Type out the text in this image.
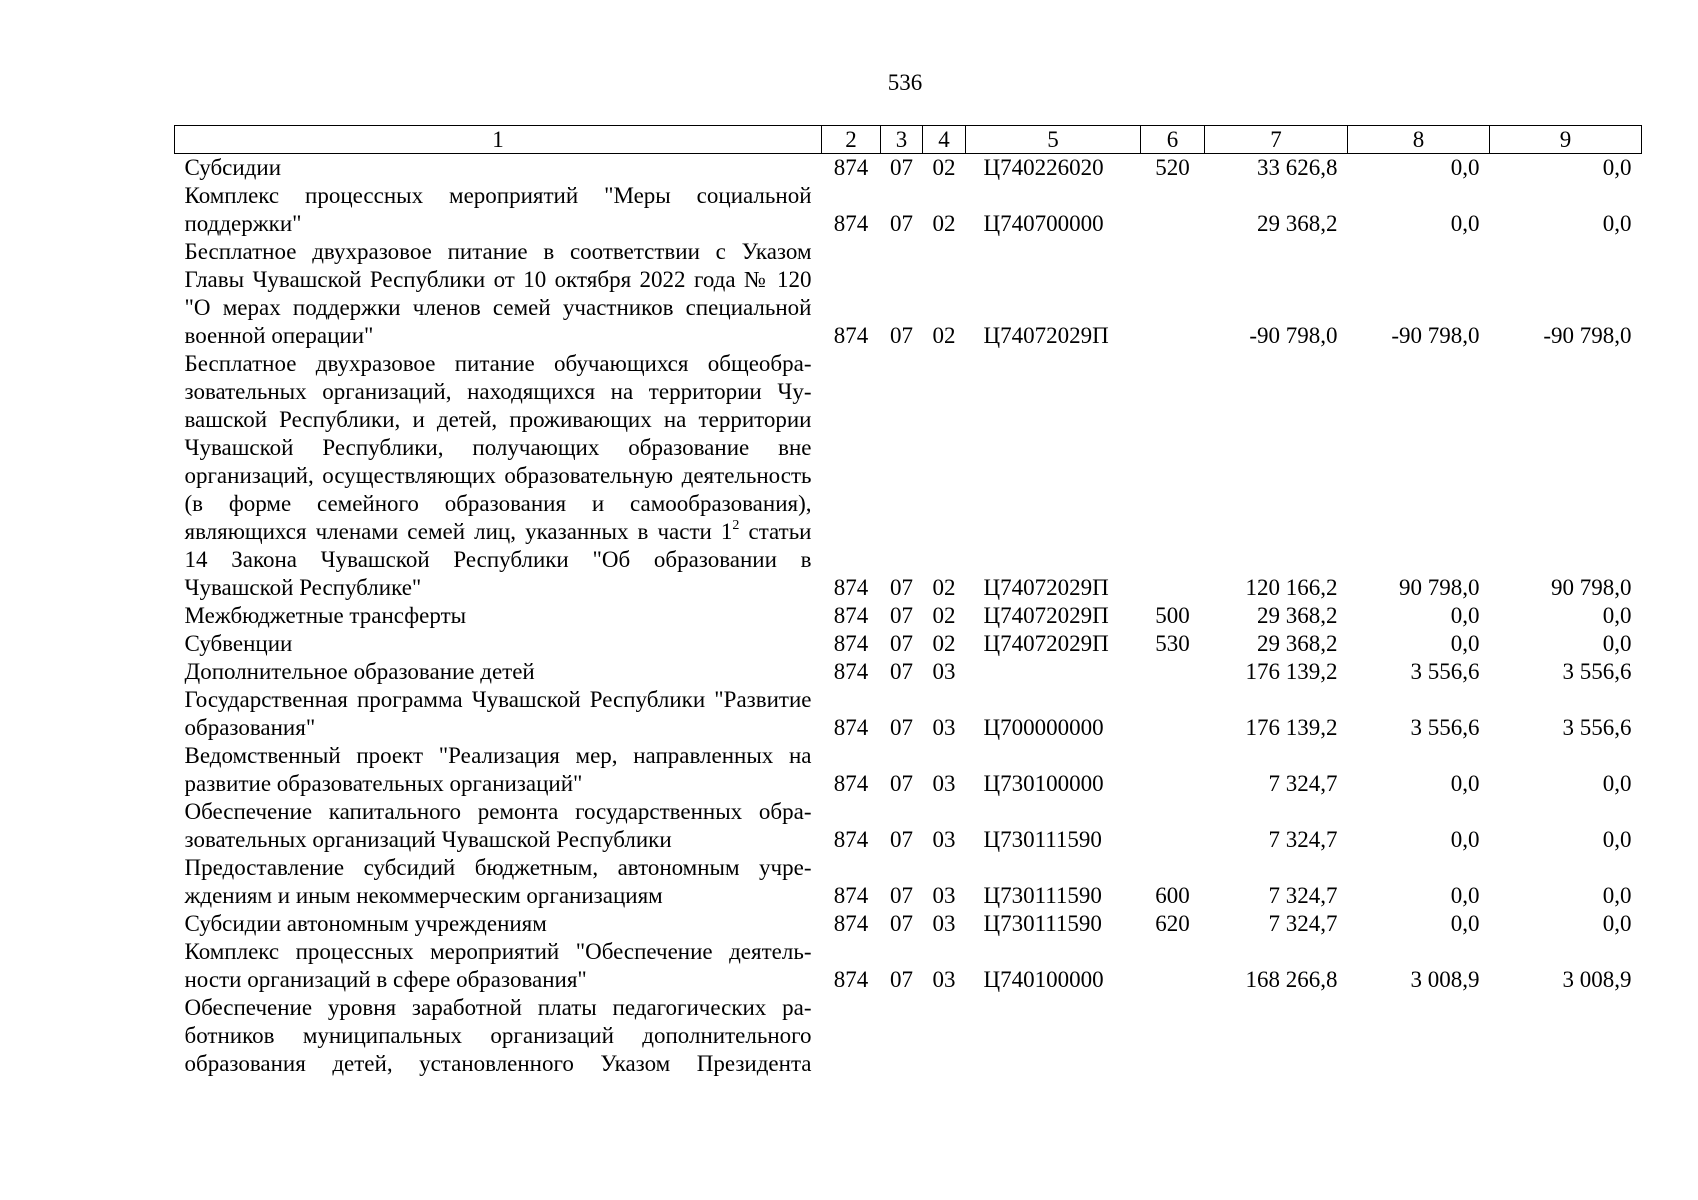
536
1	2	3	4	5	6	7	8	9
Субсидии	874	07	02	Ц740226020	520	33 626,8	0,0	0,0
Комплекс процессных мероприятий "Меры социальной поддержки"	874	07	02	Ц740700000		29 368,2	0,0	0,0
Бесплатное двухразовое питание в соответствии с Указом Главы Чувашской Республики от 10 октября 2022 года № 120 "О мерах поддержки членов семей участников специальной военной операции"	874	07	02	Ц74072029П		-90 798,0	-90 798,0	-90 798,0
Бесплатное двухразовое питание обучающихся общеобразовательных организаций, находящихся на территории Чувашской Республики, и детей, проживающих на территории Чувашской Республики, получающих образование вне организаций, осуществляющих образовательную деятельность (в форме семейного образования и самообразования), являющихся членами семей лиц, указанных в части $1^2$ статьи 14 Закона Чувашской Республики "Об образовании в Чувашской Республике"	874	07	02	Ц74072029П		120 166,2	90 798,0	90 798,0
Межбюджетные трансферты	874	07	02	Ц74072029П	500	29 368,2	0,0	0,0
Субвенции	874	07	02	Ц74072029П	530	29 368,2	0,0	0,0
Дополнительное образование детей	874	07	03			176 139,2	3 556,6	3 556,6
Государственная программа Чувашской Республики "Развитие образования"	874	07	03	Ц700000000		176 139,2	3 556,6	3 556,6
Ведомственный проект "Реализация мер, направленных на развитие образовательных организаций"	874	07	03	Ц730100000		7 324,7	0,0	0,0
Обеспечение капитального ремонта государственных образовательных организаций Чувашской Республики	874	07	03	Ц730111590		7 324,7	0,0	0,0
Предоставление субсидий бюджетным, автономным учреждениям и иным некоммерческим организациям	874	07	03	Ц730111590	600	7 324,7	0,0	0,0
Субсидии автономным учреждениям	874	07	03	Ц730111590	620	7 324,7	0,0	0,0
Комплекс процессных мероприятий "Обеспечение деятельности организаций в сфере образования"	874	07	03	Ц740100000		168 266,8	3 008,9	3 008,9
Обеспечение уровня заработной платы педагогических работников муниципальных организаций дополнительного образования детей, установленного Указом Президента								
